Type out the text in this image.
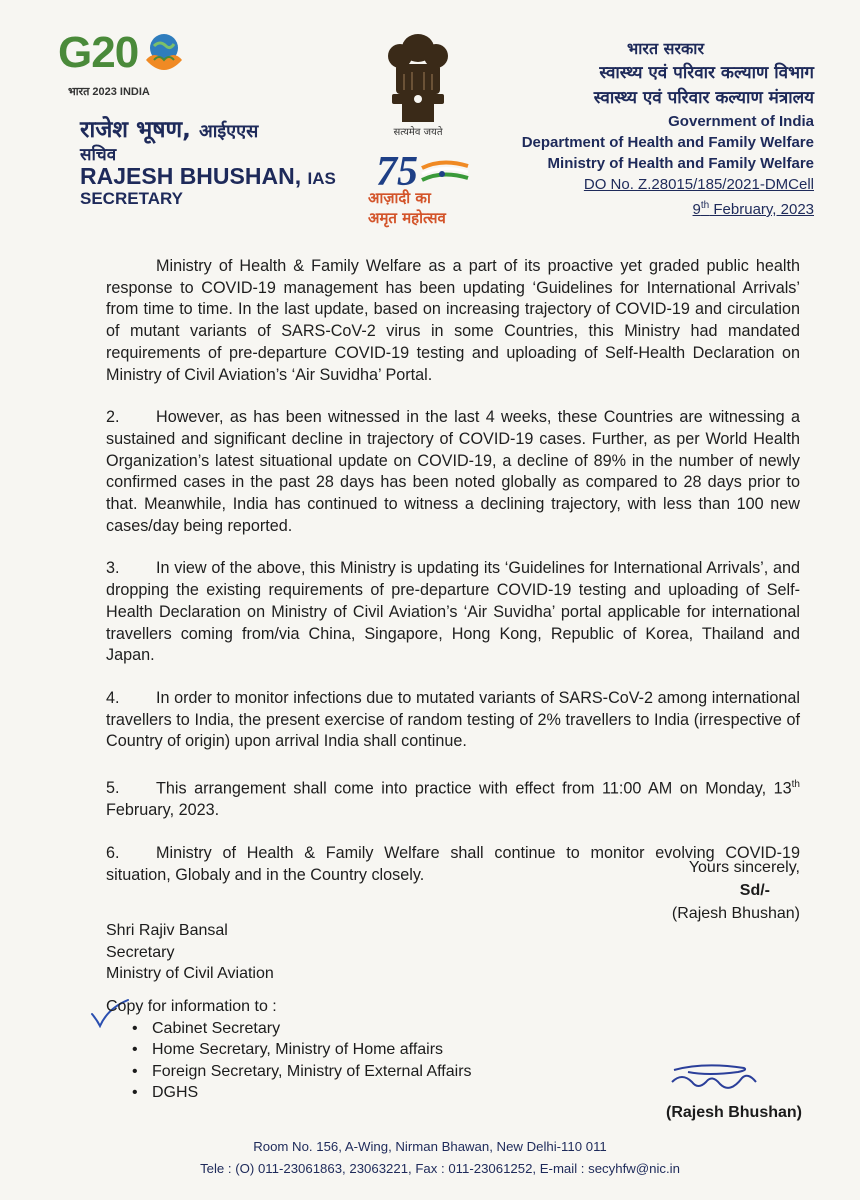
G20
भारत 2023 INDIA
राजेश भूषण, आईएएस
सचिव
RAJESH BHUSHAN, IAS
SECRETARY
सत्यमेव जयते
75
आज़ादी का
अमृत महोत्सव
भारत सरकार
स्वास्थ्य एवं परिवार कल्याण विभाग
स्वास्थ्य एवं परिवार कल्याण मंत्रालय
Government of India
Department of Health and Family Welfare
Ministry of Health and Family Welfare
DO No. Z.28015/185/2021-DMCell
9th February, 2023

Ministry of Health & Family Welfare as a part of its proactive yet graded public health response to COVID-19 management has been updating ‘Guidelines for International Arrivals’ from time to time. In the last update, based on increasing trajectory of COVID-19 and circulation of mutant variants of SARS-CoV-2 virus in some Countries, this Ministry had mandated requirements of pre-departure COVID-19 testing and uploading of Self-Health Declaration on Ministry of Civil Aviation’s ‘Air Suvidha’ Portal.

2. However, as has been witnessed in the last 4 weeks, these Countries are witnessing a sustained and significant decline in trajectory of COVID-19 cases. Further, as per World Health Organization’s latest situational update on COVID-19, a decline of 89% in the number of newly confirmed cases in the past 28 days has been noted globally as compared to 28 days prior to that. Meanwhile, India has continued to witness a declining trajectory, with less than 100 new cases/day being reported.

3. In view of the above, this Ministry is updating its ‘Guidelines for International Arrivals’, and dropping the existing requirements of pre-departure COVID-19 testing and uploading of Self-Health Declaration on Ministry of Civil Aviation’s ‘Air Suvidha’ portal applicable for international travellers coming from/via China, Singapore, Hong Kong, Republic of Korea, Thailand and Japan.

4. In order to monitor infections due to mutated variants of SARS-CoV-2 among international travellers to India, the present exercise of random testing of 2% travellers to India (irrespective of Country of origin) upon arrival India shall continue.

5. This arrangement shall come into practice with effect from 11:00 AM on Monday, 13th February, 2023.

6. Ministry of Health & Family Welfare shall continue to monitor evolving COVID-19 situation, Globaly and in the Country closely.	Yours sincerely,
Sd/-
(Rajesh Bhushan)
Shri Rajiv Bansal
Secretary
Ministry of Civil Aviation
Copy for information to :
• Cabinet Secretary
• Home Secretary, Ministry of Home affairs
• Foreign Secretary, Ministry of External Affairs
• DGHS
(Rajesh Bhushan)
Room No. 156, A-Wing, Nirman Bhawan, New Delhi-110 011
Tele : (O) 011-23061863, 23063221, Fax : 011-23061252, E-mail : secyhfw@nic.in
